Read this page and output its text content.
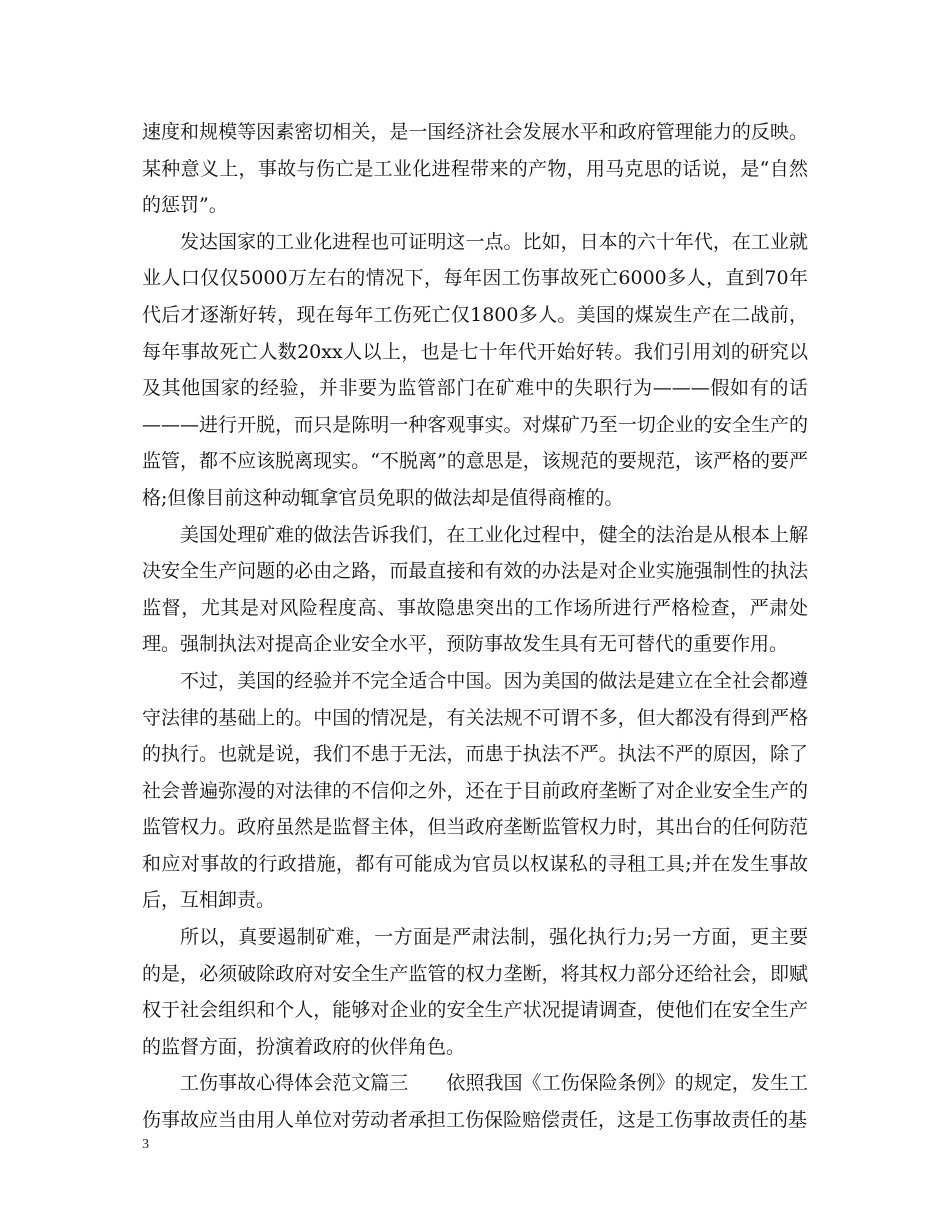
速度和规模等因素密切相关，是一国经济社会发展水平和政府管理能力的反映。某种意义上，事故与伤亡是工业化进程带来的产物，用马克思的话说，是“自然的惩罚”。

发达国家的工业化进程也可证明这一点。比如，日本的六十年代，在工业就业人口仅仅5000万左右的情况下，每年因工伤事故死亡6000多人，直到70年代后才逐渐好转，现在每年工伤死亡仅1800多人。美国的煤炭生产在二战前，每年事故死亡人数20xx人以上，也是七十年代开始好转。我们引用刘的研究以及其他国家的经验，并非要为监管部门在矿难中的失职行为———假如有的话———进行开脱，而只是陈明一种客观事实。对煤矿乃至一切企业的安全生产的监管，都不应该脱离现实。“不脱离”的意思是，该规范的要规范，该严格的要严格;但像目前这种动辄拿官员免职的做法却是值得商榷的。

美国处理矿难的做法告诉我们，在工业化过程中，健全的法治是从根本上解决安全生产问题的必由之路，而最直接和有效的办法是对企业实施强制性的执法监督，尤其是对风险程度高、事故隐患突出的工作场所进行严格检查，严肃处理。强制执法对提高企业安全水平，预防事故发生具有无可替代的重要作用。

不过，美国的经验并不完全适合中国。因为美国的做法是建立在全社会都遵守法律的基础上的。中国的情况是，有关法规不可谓不多，但大都没有得到严格的执行。也就是说，我们不患于无法，而患于执法不严。执法不严的原因，除了社会普遍弥漫的对法律的不信仰之外，还在于目前政府垄断了对企业安全生产的监管权力。政府虽然是监督主体，但当政府垄断监管权力时，其出台的任何防范和应对事故的行政措施，都有可能成为官员以权谋私的寻租工具;并在发生事故后，互相卸责。

所以，真要遏制矿难，一方面是严肃法制，强化执行力;另一方面，更主要的是，必须破除政府对安全生产监管的权力垄断，将其权力部分还给社会，即赋权于社会组织和个人，能够对企业的安全生产状况提请调查，使他们在安全生产的监督方面，扮演着政府的伙伴角色。

工伤事故心得体会范文篇三　　依照我国《工伤保险条例》的规定，发生工伤事故应当由用人单位对劳动者承担工伤保险赔偿责任，这是工伤事故责任的基

3
